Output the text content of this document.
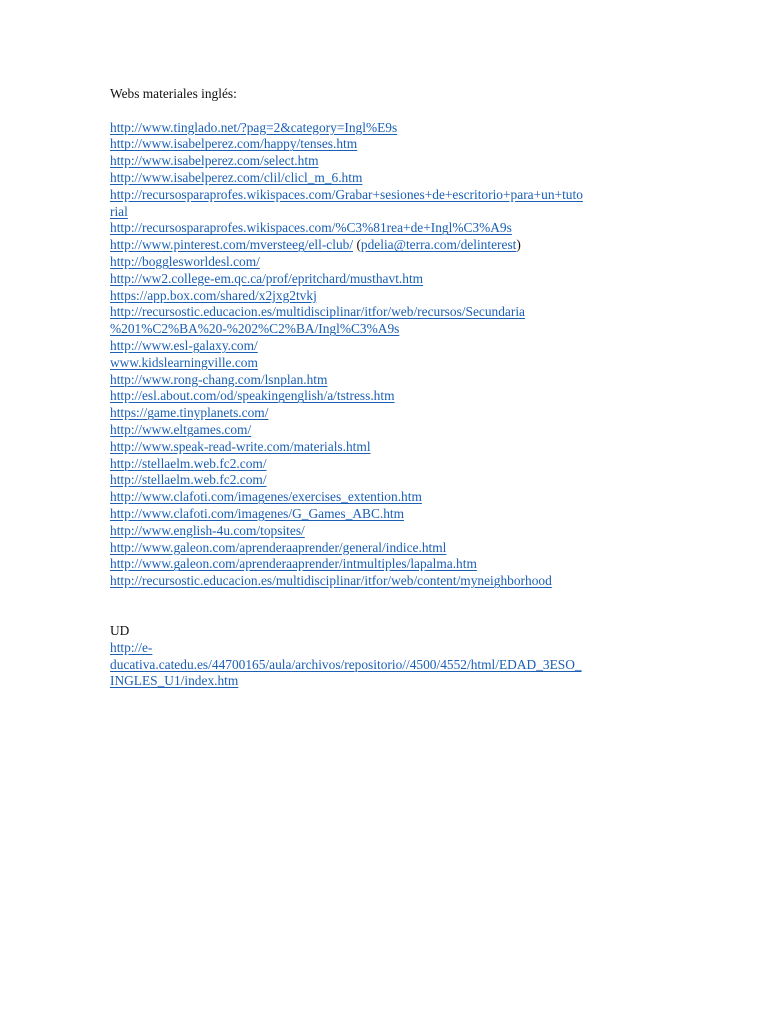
Webs materiales inglés:
http://www.tinglado.net/?pag=2&category=Ingl%E9s
http://www.isabelperez.com/happy/tenses.htm
http://www.isabelperez.com/select.htm
http://www.isabelperez.com/clil/clicl_m_6.htm
http://recursosparaprofes.wikispaces.com/Grabar+sesiones+de+escritorio+para+un+tuto
rial
http://recursosparaprofes.wikispaces.com/%C3%81rea+de+Ingl%C3%A9s
http://www.pinterest.com/mversteeg/ell-club/ (pdelia@terra.com/delinterest)
http://bogglesworldesl.com/
http://ww2.college-em.qc.ca/prof/epritchard/musthavt.htm
https://app.box.com/shared/x2jxg2tvkj
http://recursostic.educacion.es/multidisciplinar/itfor/web/recursos/Secundaria
%201%C2%BA%20-%202%C2%BA/Ingl%C3%A9s
http://www.esl-galaxy.com/
www.kidslearningville.com
http://www.rong-chang.com/lsnplan.htm
http://esl.about.com/od/speakingenglish/a/tstress.htm
https://game.tinyplanets.com/
http://www.eltgames.com/
http://www.speak-read-write.com/materials.html
http://stellaelm.web.fc2.com/
http://stellaelm.web.fc2.com/
http://www.clafoti.com/imagenes/exercises_extention.htm
http://www.clafoti.com/imagenes/G_Games_ABC.htm
http://www.english-4u.com/topsites/
http://www.galeon.com/aprenderaaprender/general/indice.html
http://www.galeon.com/aprenderaaprender/intmultiples/lapalma.htm
http://recursostic.educacion.es/multidisciplinar/itfor/web/content/myneighborhood
UD
http://e-
ducativa.catedu.es/44700165/aula/archivos/repositorio//4500/4552/html/EDAD_3ESO_
INGLES_U1/index.htm
